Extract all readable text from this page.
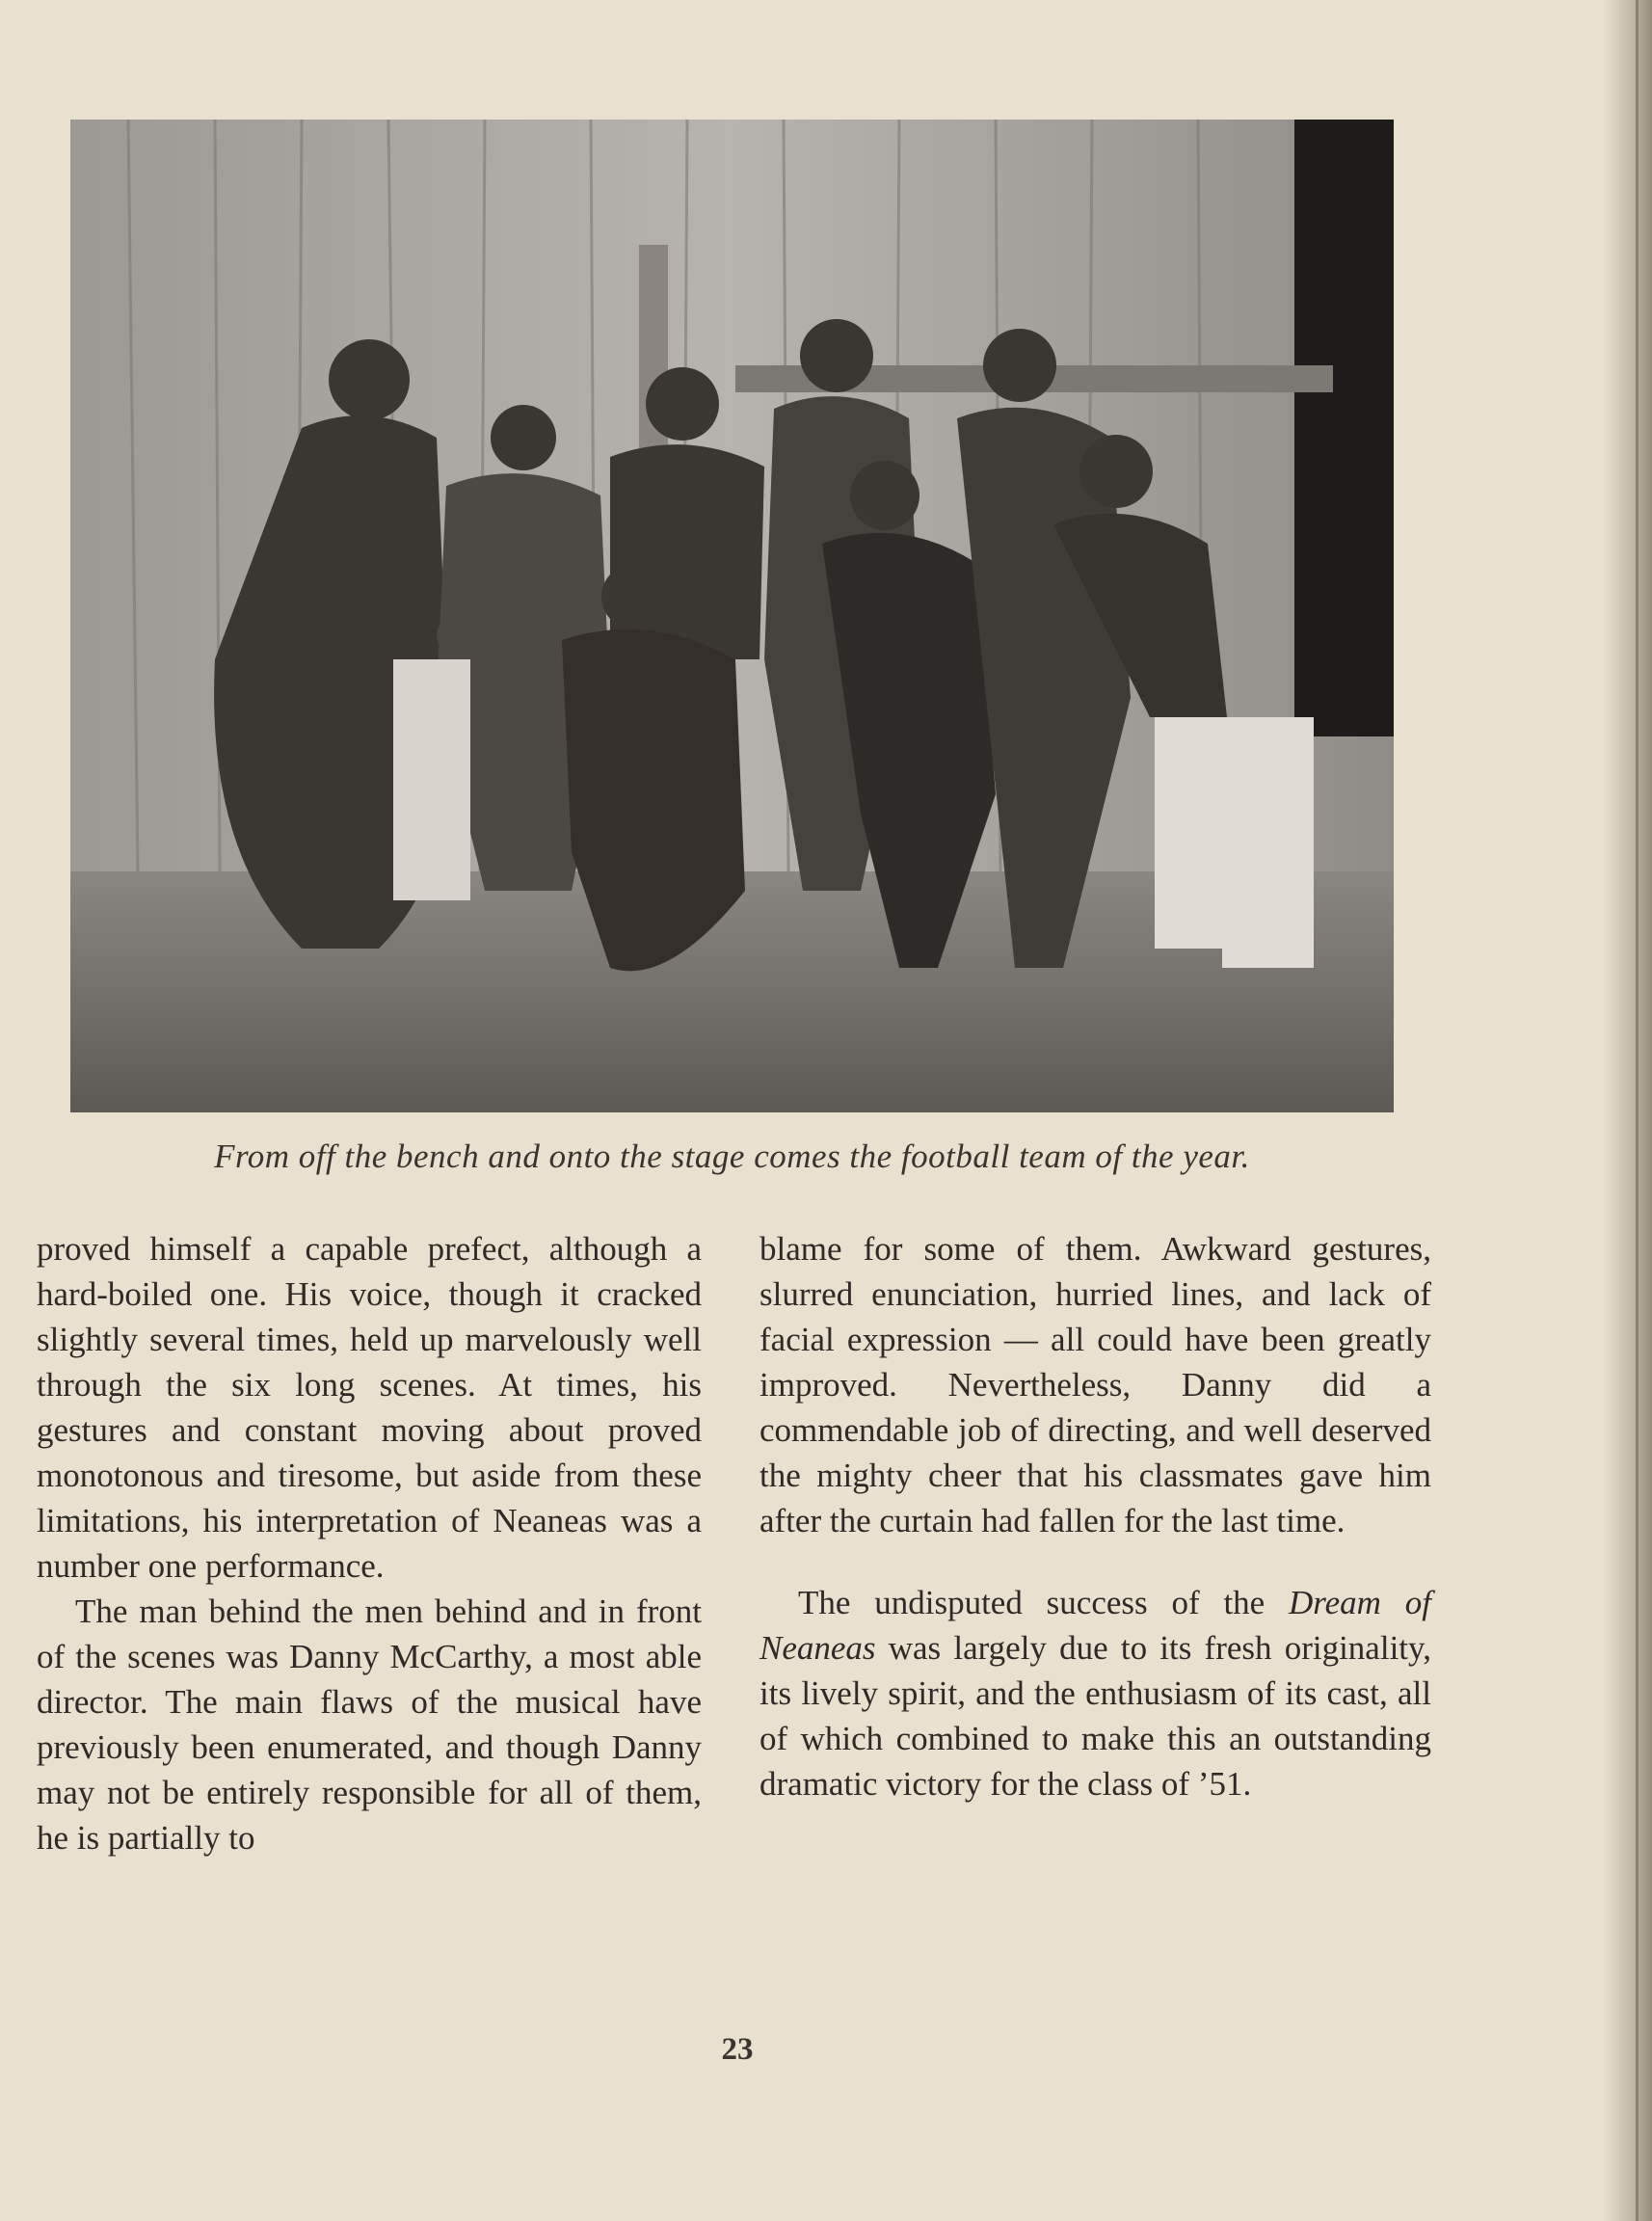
From off the bench and onto the stage comes the football team of the year.

proved himself a capable prefect, although a hard-boiled one. His voice, though it cracked slightly several times, held up marvelously well through the six long scenes. At times, his gestures and constant moving about proved monotonous and tiresome, but aside from these limitations, his interpretation of Neaneas was a number one performance.

The man behind the men behind and in front of the scenes was Danny McCarthy, a most able director. The main flaws of the musical have previously been enumerated, and though Danny may not be entirely responsible for all of them, he is partially to

blame for some of them. Awkward gestures, slurred enunciation, hurried lines, and lack of facial expression — all could have been greatly improved. Nevertheless, Danny did a commendable job of directing, and well deserved the mighty cheer that his classmates gave him after the curtain had fallen for the last time.

The undisputed success of the Dream of Neaneas was largely due to its fresh originality, its lively spirit, and the enthusiasm of its cast, all of which combined to make this an outstanding dramatic victory for the class of ’51.

23
